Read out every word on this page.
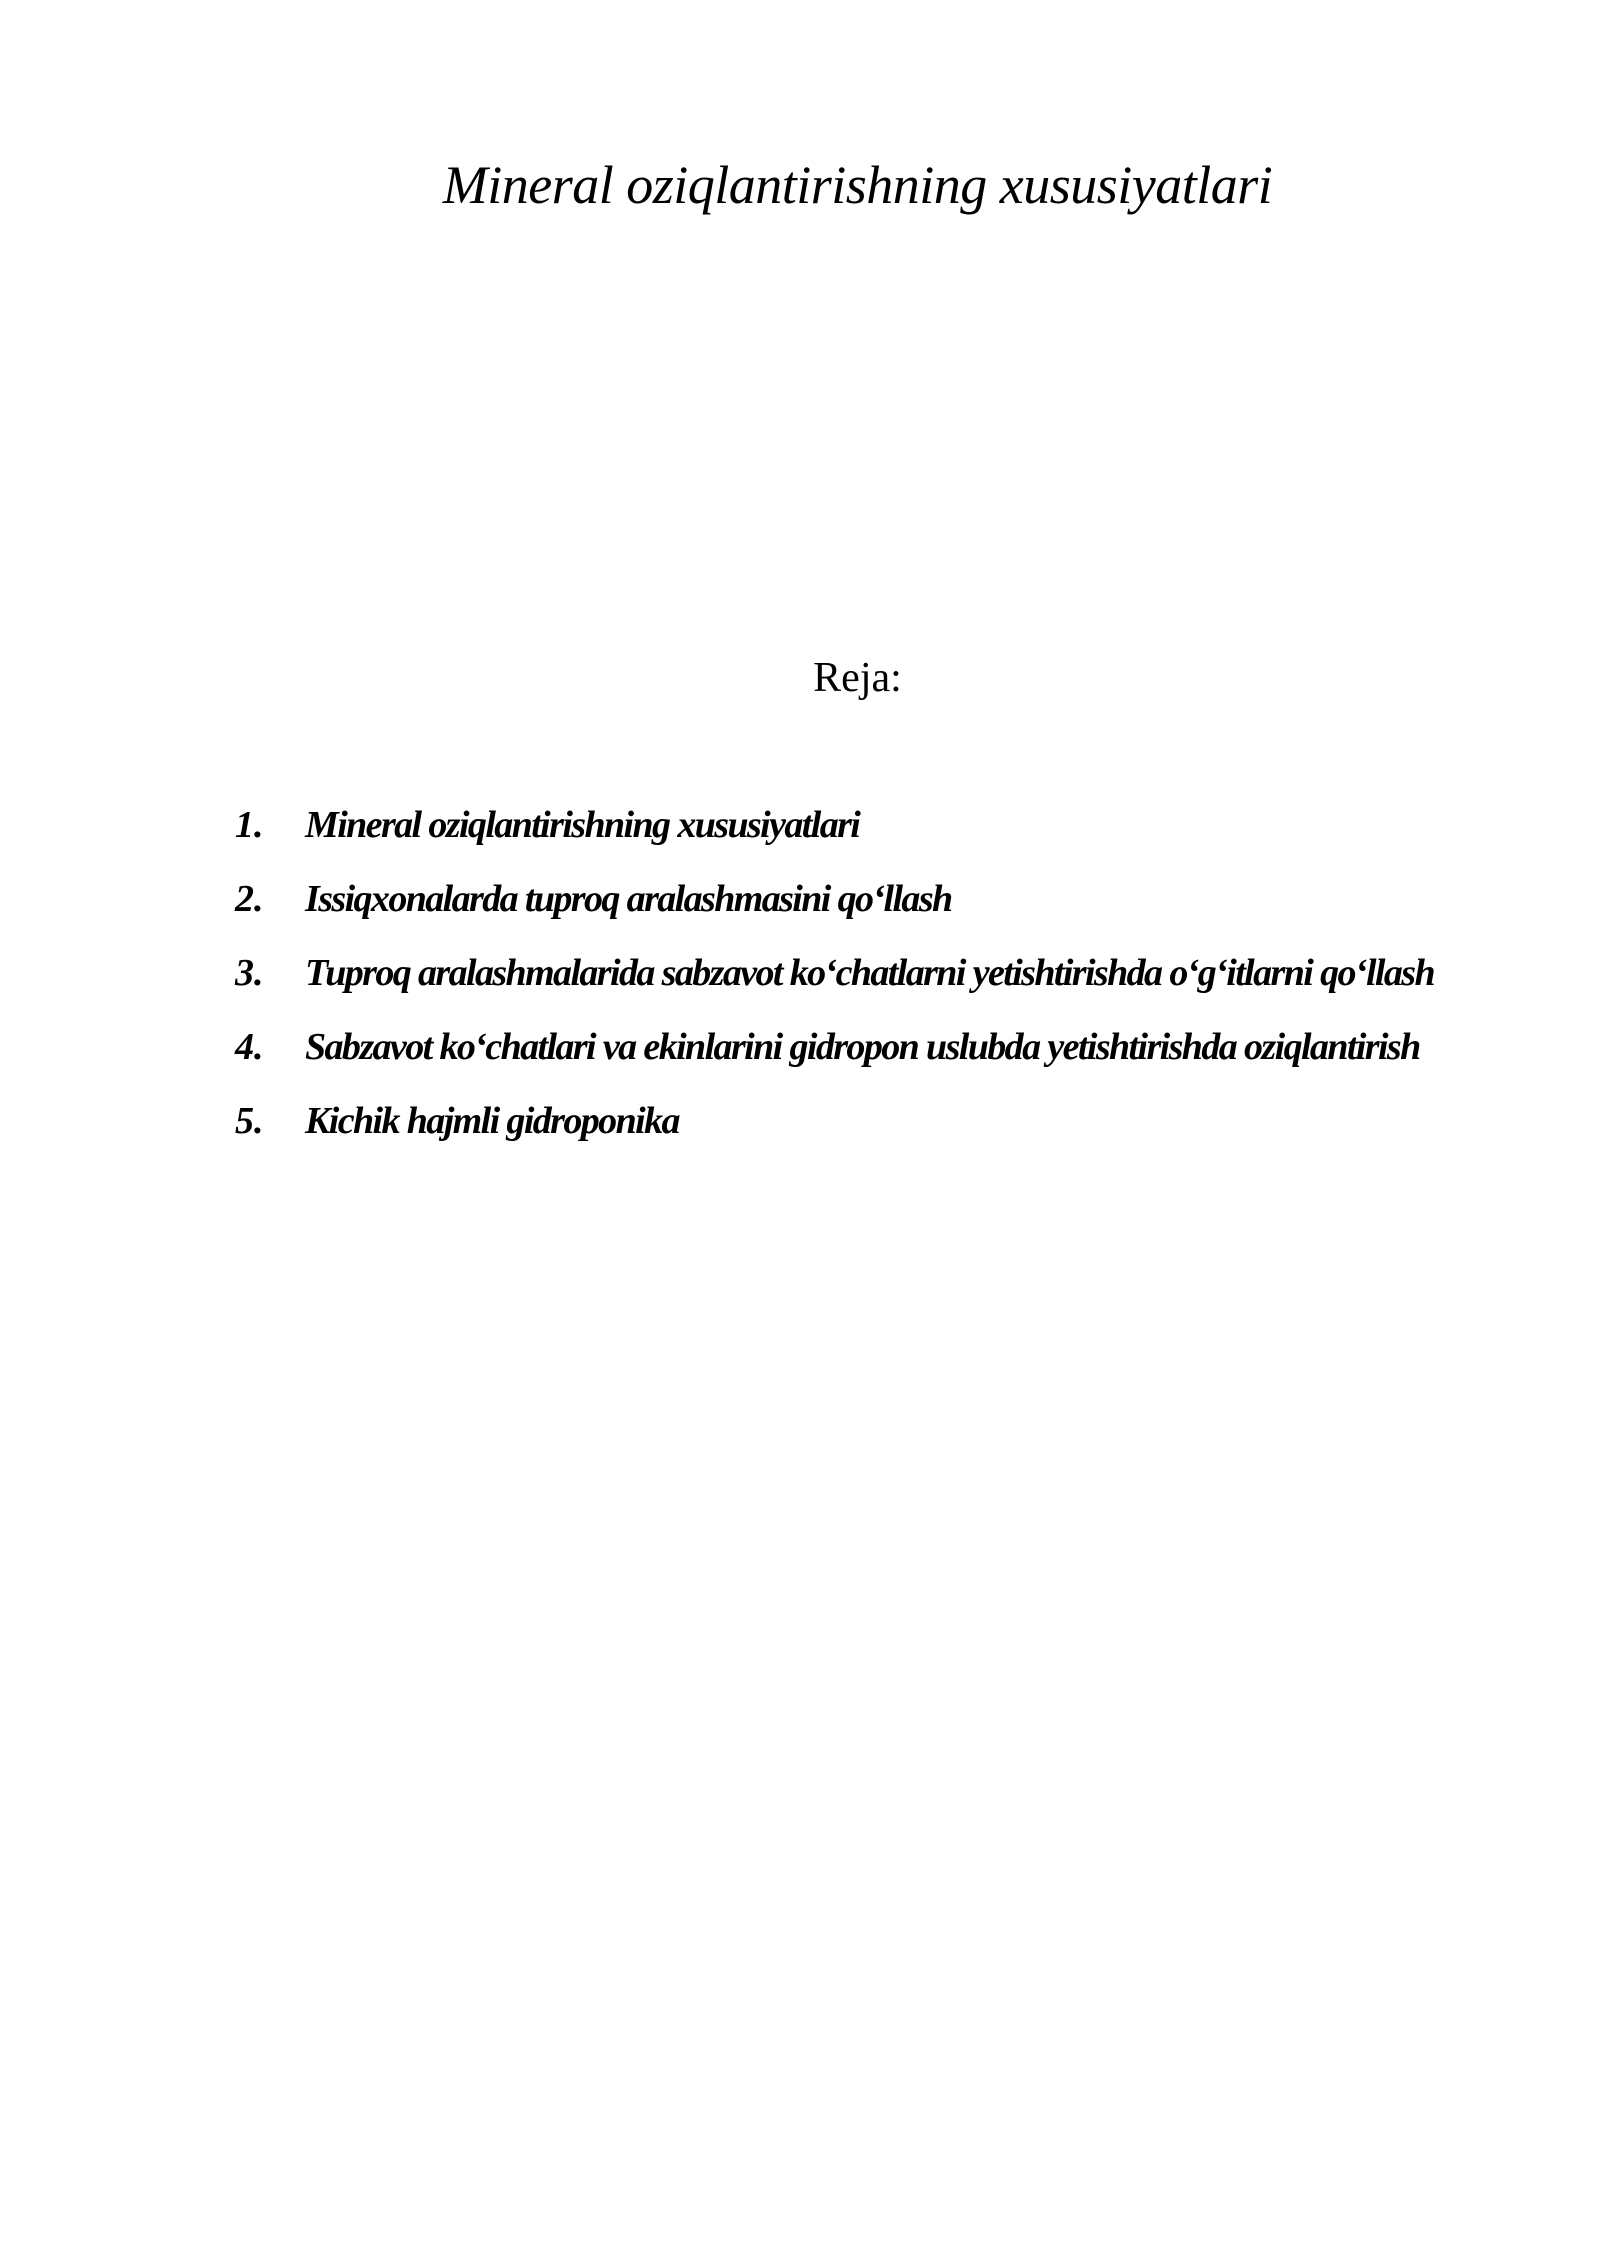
Mineral oziqlantirishning xususiyatlari
Reja:
1. Mineral oziqlantirishning xususiyatlari
2. Issiqxonalarda tuproq aralashmasini qo‘llash
3. Tuproq aralashmalarida sabzavot ko‘chatlarni yetishtirishda o‘g‘itlarni qo‘llash
4. Sabzavot ko‘chatlari va ekinlarini gidropon uslubda yetishtirishda oziqlantirish
5. Kichik hajmli gidroponika
